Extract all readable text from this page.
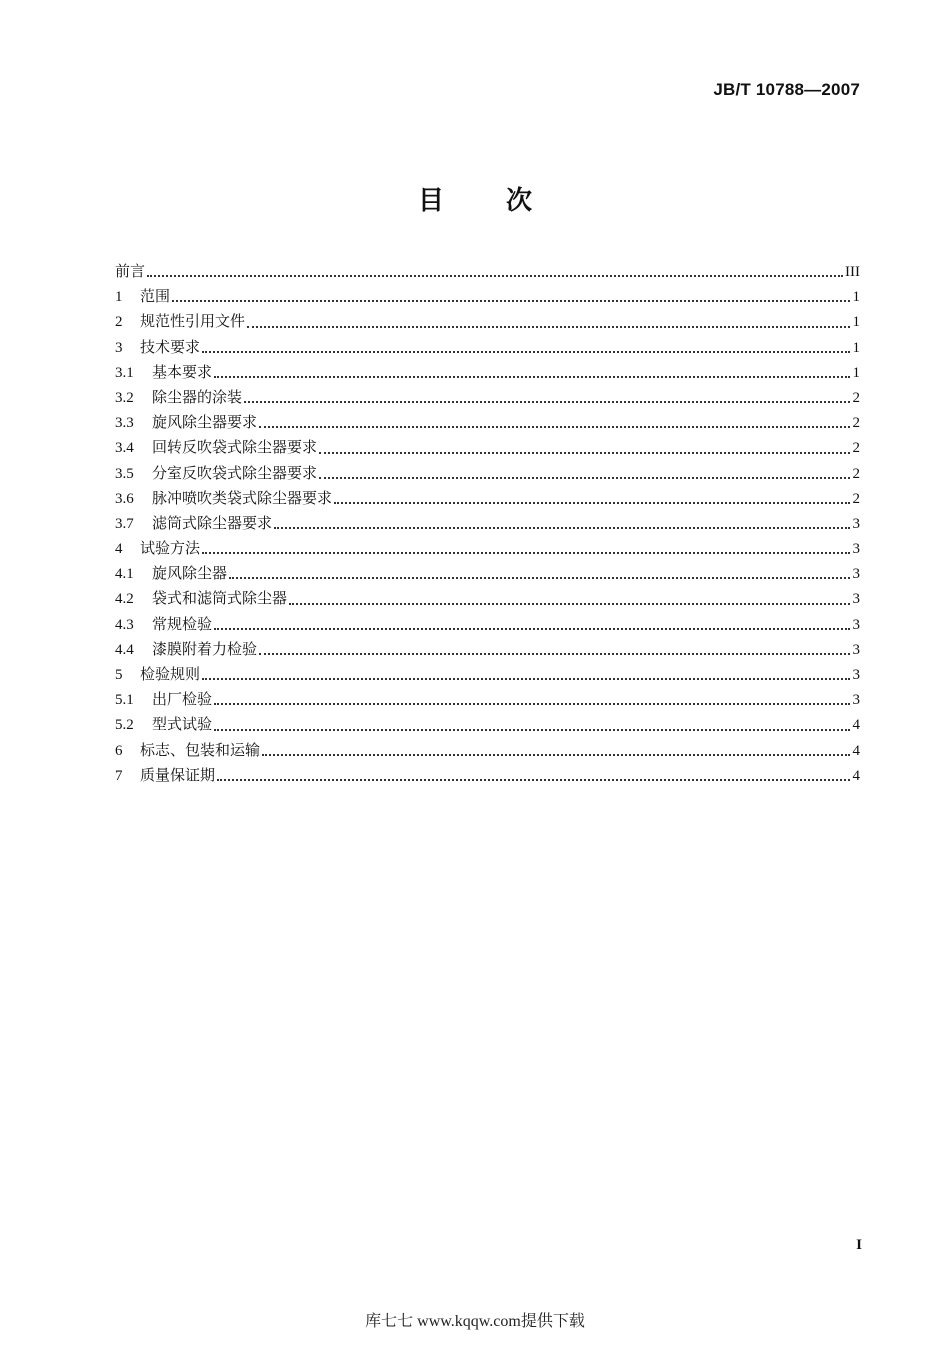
JB/T 10788—2007
目 次
前言	III
1	范围	1
2	规范性引用文件	1
3	技术要求	1
3.1	基本要求	1
3.2	除尘器的涂装	2
3.3	旋风除尘器要求	2
3.4	回转反吹袋式除尘器要求	2
3.5	分室反吹袋式除尘器要求	2
3.6	脉冲喷吹类袋式除尘器要求	2
3.7	滤筒式除尘器要求	3
4	试验方法	3
4.1	旋风除尘器	3
4.2	袋式和滤筒式除尘器	3
4.3	常规检验	3
4.4	漆膜附着力检验	3
5	检验规则	3
5.1	出厂检验	3
5.2	型式试验	4
6	标志、包装和运输	4
7	质量保证期	4
I
库七七 www.kqqw.com提供下载
